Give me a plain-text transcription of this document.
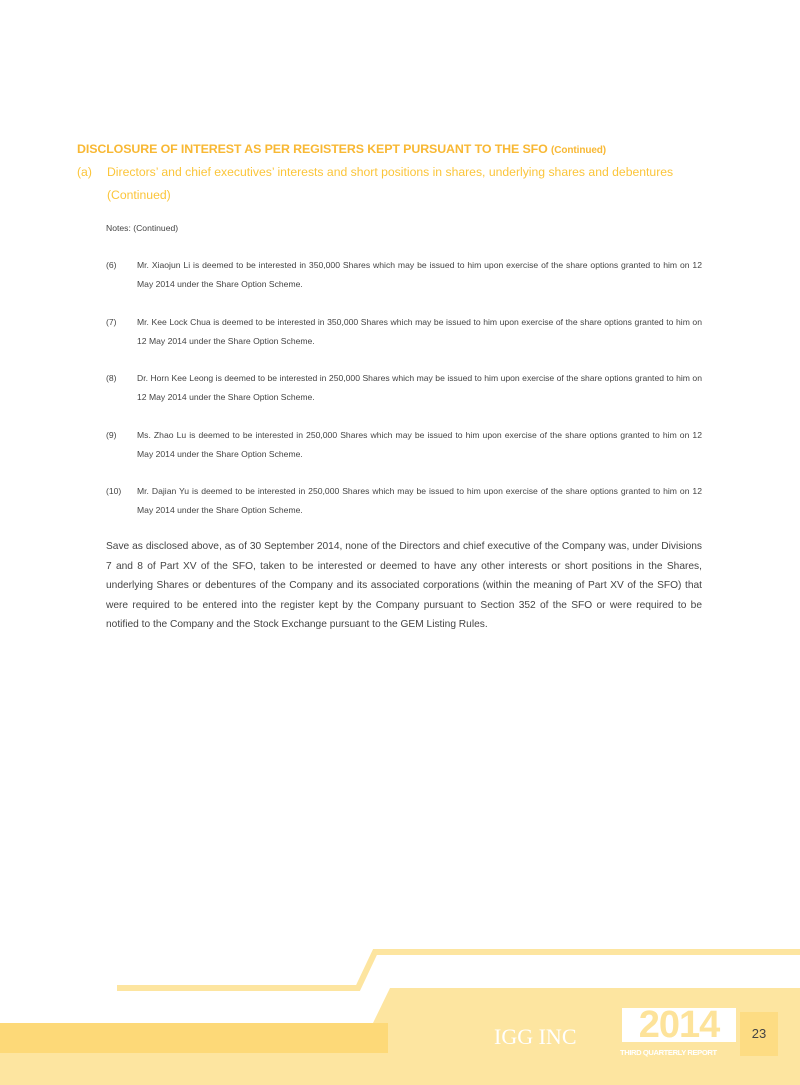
DISCLOSURE OF INTEREST AS PER REGISTERS KEPT PURSUANT TO THE SFO (Continued)
(a) Directors’ and chief executives’ interests and short positions in shares, underlying shares and debentures
(Continued)
Notes: (Continued)
(6) Mr. Xiaojun Li is deemed to be interested in 350,000 Shares which may be issued to him upon exercise of the share options granted to him on 12 May 2014 under the Share Option Scheme.
(7) Mr. Kee Lock Chua is deemed to be interested in 350,000 Shares which may be issued to him upon exercise of the share options granted to him on 12 May 2014 under the Share Option Scheme.
(8) Dr. Horn Kee Leong is deemed to be interested in 250,000 Shares which may be issued to him upon exercise of the share options granted to him on 12 May 2014 under the Share Option Scheme.
(9) Ms. Zhao Lu is deemed to be interested in 250,000 Shares which may be issued to him upon exercise of the share options granted to him on 12 May 2014 under the Share Option Scheme.
(10) Mr. Dajian Yu is deemed to be interested in 250,000 Shares which may be issued to him upon exercise of the share options granted to him on 12 May 2014 under the Share Option Scheme.
Save as disclosed above, as of 30 September 2014, none of the Directors and chief executive of the Company was, under Divisions 7 and 8 of Part XV of the SFO, taken to be interested or deemed to have any other interests or short positions in the Shares, underlying Shares or debentures of the Company and its associated corporations (within the meaning of Part XV of the SFO) that were required to be entered into the register kept by the Company pursuant to Section 352 of the SFO or were required to be notified to the Company and the Stock Exchange pursuant to the GEM Listing Rules.
IGG INC	2014
THIRD QUARTERLY REPORT
23
